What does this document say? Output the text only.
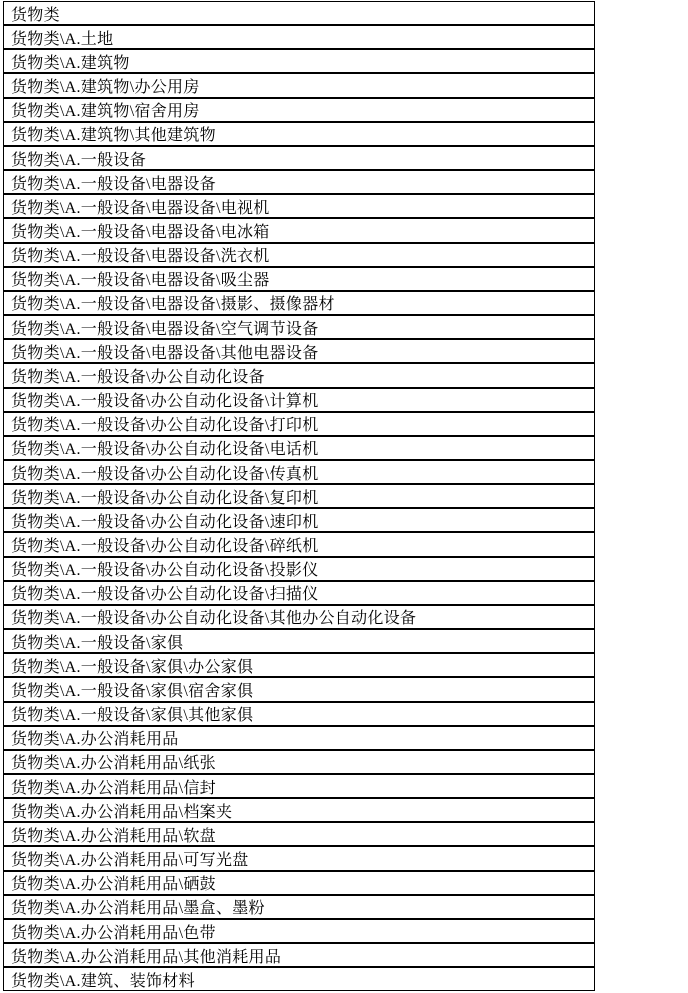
货物类
货物类\A.土地
货物类\A.建筑物
货物类\A.建筑物\办公用房
货物类\A.建筑物\宿舍用房
货物类\A.建筑物\其他建筑物
货物类\A.一般设备
货物类\A.一般设备\电器设备
货物类\A.一般设备\电器设备\电视机
货物类\A.一般设备\电器设备\电冰箱
货物类\A.一般设备\电器设备\洗衣机
货物类\A.一般设备\电器设备\吸尘器
货物类\A.一般设备\电器设备\摄影、摄像器材
货物类\A.一般设备\电器设备\空气调节设备
货物类\A.一般设备\电器设备\其他电器设备
货物类\A.一般设备\办公自动化设备
货物类\A.一般设备\办公自动化设备\计算机
货物类\A.一般设备\办公自动化设备\打印机
货物类\A.一般设备\办公自动化设备\电话机
货物类\A.一般设备\办公自动化设备\传真机
货物类\A.一般设备\办公自动化设备\复印机
货物类\A.一般设备\办公自动化设备\速印机
货物类\A.一般设备\办公自动化设备\碎纸机
货物类\A.一般设备\办公自动化设备\投影仪
货物类\A.一般设备\办公自动化设备\扫描仪
货物类\A.一般设备\办公自动化设备\其他办公自动化设备
货物类\A.一般设备\家俱
货物类\A.一般设备\家俱\办公家俱
货物类\A.一般设备\家俱\宿舍家俱
货物类\A.一般设备\家俱\其他家俱
货物类\A.办公消耗用品
货物类\A.办公消耗用品\纸张
货物类\A.办公消耗用品\信封
货物类\A.办公消耗用品\档案夹
货物类\A.办公消耗用品\软盘
货物类\A.办公消耗用品\可写光盘
货物类\A.办公消耗用品\硒鼓
货物类\A.办公消耗用品\墨盒、墨粉
货物类\A.办公消耗用品\色带
货物类\A.办公消耗用品\其他消耗用品
货物类\A.建筑、装饰材料
